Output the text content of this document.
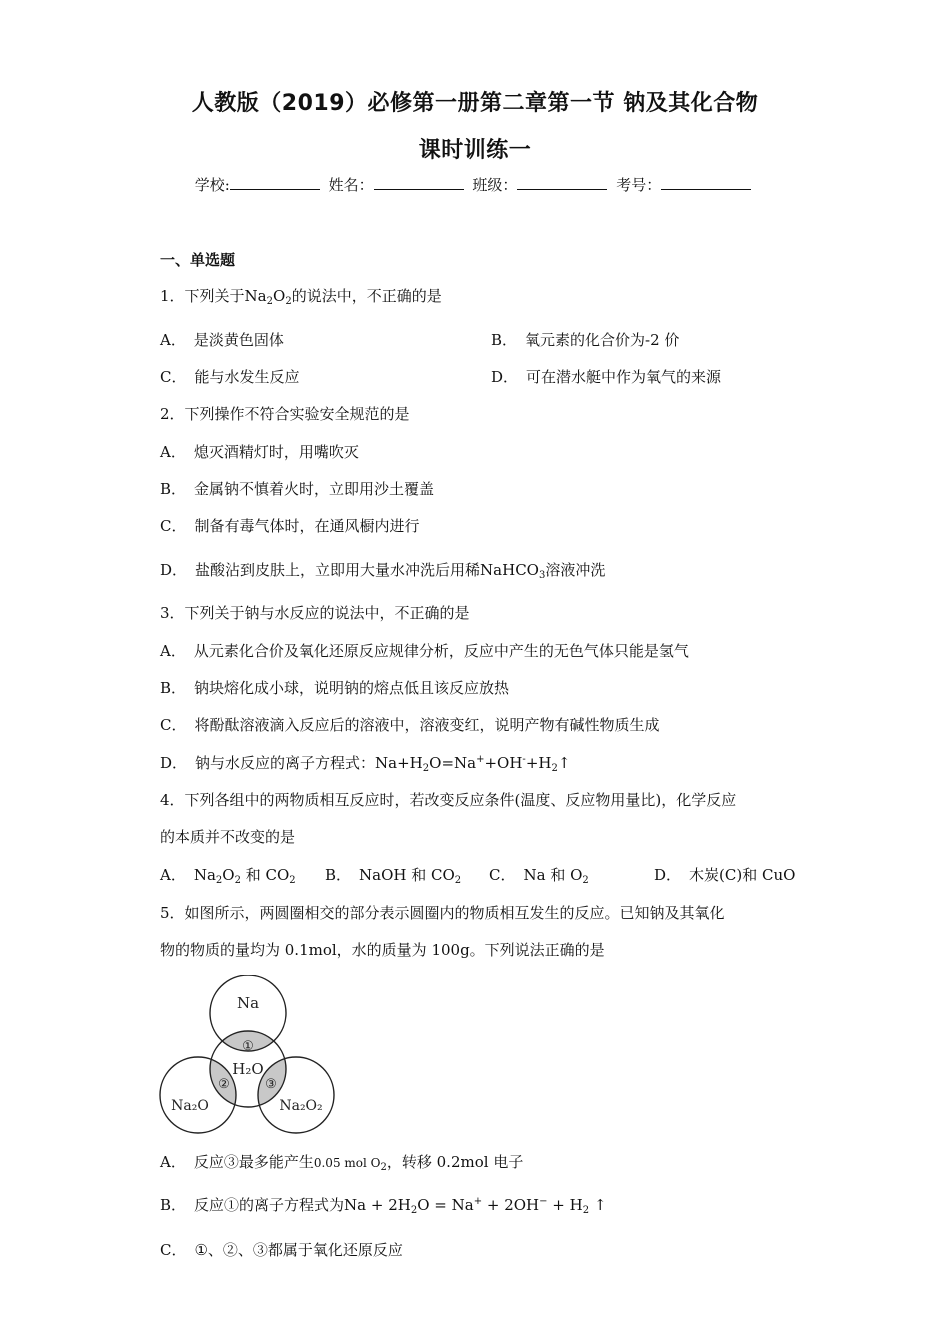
人教版（2019）必修第一册第二章第一节 钠及其化合物
课时训练一
学校:	姓名：	班级：	考号：
一、单选题
1．下列关于$Na_2O_2$的说法中，不正确的是
A． 是淡黄色固体	B． 氧元素的化合价为-2 价
C． 能与水发生反应	D． 可在潜水艇中作为氧气的来源
2．下列操作不符合实验安全规范的是
A． 熄灭酒精灯时，用嘴吹灭
B． 金属钠不慎着火时，立即用沙土覆盖
C． 制备有毒气体时，在通风橱内进行
D． 盐酸沾到皮肤上，立即用大量水冲洗后用稀NaHCO$_3$溶液冲洗
3．下列关于钠与水反应的说法中，不正确的是
A． 从元素化合价及氧化还原反应规律分析，反应中产生的无色气体只能是氢气
B． 钠块熔化成小球，说明钠的熔点低且该反应放热
C． 将酚酞溶液滴入反应后的溶液中，溶液变红，说明产物有碱性物质生成
D． 钠与水反应的离子方程式：$Na+H_2O=Na^++OH^-+H_2↑$
4．下列各组中的两物质相互反应时，若改变反应条件(温度、反应物用量比)，化学反应
的本质并不改变的是
A． $Na_2O_2$ 和 $CO_2$ B． NaOH 和 $CO_2$ C． Na 和 $O_2$	D． 木炭(C)和 CuO
5．如图所示，两圆圈相交的部分表示圆圈内的物质相互发生的反应。已知钠及其氧化
物的物质的量均为 0.1mol，水的质量为 100g。下列说法正确的是
Na
①
H₂O
②	③
Na₂O	Na₂O₂
A． 反应③最多能产生0.05 mol $O_2$，转移 0.2mol 电子
B． 反应①的离子方程式为$Na + 2H_2O = Na^+ + 2OH^- + H_2$ ↑
C． ①、②、③都属于氧化还原反应
